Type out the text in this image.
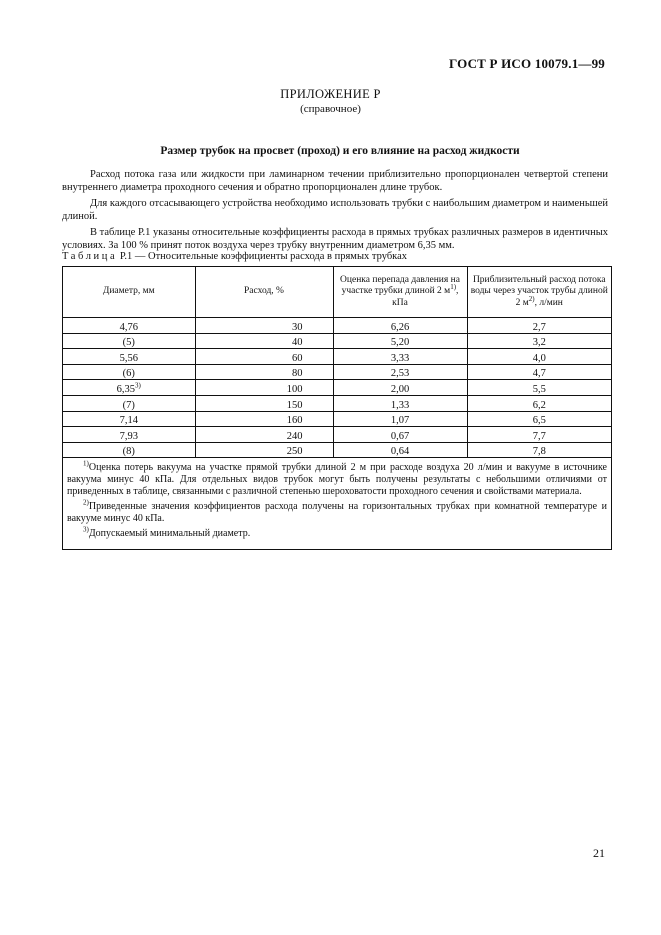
ГОСТ Р ИСО 10079.1—99
ПРИЛОЖЕНИЕ Р
(справочное)
Размер трубок на просвет (проход) и его влияние на расход жидкости

Расход потока газа или жидкости при ламинарном течении приблизительно пропорционален четвертой степени внутреннего диаметра проходного сечения и обратно пропорционален длине трубок.

Для каждого отсасывающего устройства необходимо использовать трубки с наибольшим диаметром и наименьшей длиной.

В таблице Р.1 указаны относительные коэффициенты расхода в прямых трубках различных размеров в идентичных условиях. За 100 % принят поток воздуха через трубку внутренним диаметром 6,35 мм.

Таблица Р.1 — Относительные коэффициенты расхода в прямых трубках
Диаметр, мм	Расход, %	Оценка перепада давления на участке трубки длиной 2 $м^{1)}$, кПа	Приблизительный расход потока воды через участок трубы длиной 2 $м^{2)}$, л/мин
4,76	30	6,26	2,7
(5)	40	5,20	3,2
5,56	60	3,33	4,0
(6)	80	2,53	4,7
6,35$^{3)}$	100	2,00	5,5
(7)	150	1,33	6,2
7,14	160	1,07	6,5
7,93	240	0,67	7,7
(8)	250	0,64	7,8

$^{1)}$Оценка потерь вакуума на участке прямой трубки длиной 2 м при расходе воздуха 20 л/мин и вакууме в источнике вакуума минус 40 кПа. Для отдельных видов трубок могут быть получены результаты с небольшими отличиями от приведенных в таблице, связанными с различной степенью шероховатости проходного сечения и свойствами материала.

$^{2)}$Приведенные значения коэффициентов расхода получены на горизонтальных трубках при комнатной температуре и вакууме минус 40 кПа.

$^{3)}$Допускаемый минимальный диаметр.

21
